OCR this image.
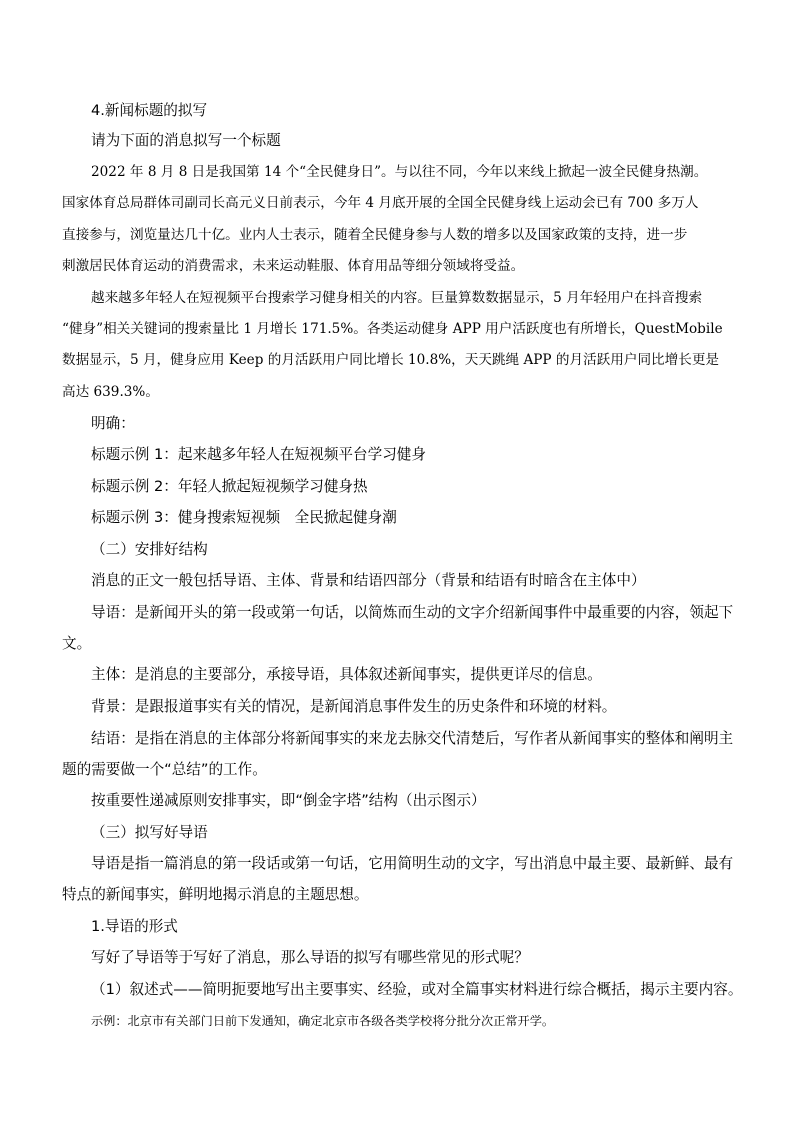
4.新闻标题的拟写
请为下面的消息拟写一个标题
2022 年 8 月 8 日是我国第 14 个“全民健身日”。与以往不同，今年以来线上掀起一波全民健身热潮。
国家体育总局群体司副司长高元义日前表示，今年 4 月底开展的全国全民健身线上运动会已有 700 多万人
直接参与，浏览量达几十亿。业内人士表示，随着全民健身参与人数的增多以及国家政策的支持，进一步
刺激居民体育运动的消费需求，未来运动鞋服、体育用品等细分领域将受益。
越来越多年轻人在短视频平台搜索学习健身相关的内容。巨量算数数据显示，5 月年轻用户在抖音搜索
“健身”相关关键词的搜索量比 1 月增长 171.5%。各类运动健身 APP 用户活跃度也有所增长，QuestMobile
数据显示，5 月，健身应用 Keep 的月活跃用户同比增长 10.8%，天天跳绳 APP 的月活跃用户同比增长更是
高达 639.3%。
明确：
标题示例 1：起来越多年轻人在短视频平台学习健身
标题示例 2：年轻人掀起短视频学习健身热
标题示例 3：健身搜索短视频　全民掀起健身潮
（二）安排好结构
消息的正文一般包括导语、主体、背景和结语四部分（背景和结语有时暗含在主体中）
导语：是新闻开头的第一段或第一句话，以简炼而生动的文字介绍新闻事件中最重要的内容，领起下
文。
主体：是消息的主要部分，承接导语，具体叙述新闻事实，提供更详尽的信息。
背景：是跟报道事实有关的情况，是新闻消息事件发生的历史条件和环境的材料。
结语：是指在消息的主体部分将新闻事实的来龙去脉交代清楚后，写作者从新闻事实的整体和阐明主
题的需要做一个“总结”的工作。
按重要性递减原则安排事实，即“倒金字塔”结构（出示图示）
（三）拟写好导语
导语是指一篇消息的第一段话或第一句话，它用简明生动的文字，写出消息中最主要、最新鲜、最有
特点的新闻事实，鲜明地揭示消息的主题思想。
1.导语的形式
写好了导语等于写好了消息，那么导语的拟写有哪些常见的形式呢？
（1）叙述式——简明扼要地写出主要事实、经验，或对全篇事实材料进行综合概括，揭示主要内容。
示例：北京市有关部门日前下发通知，确定北京市各级各类学校将分批分次正常开学。
